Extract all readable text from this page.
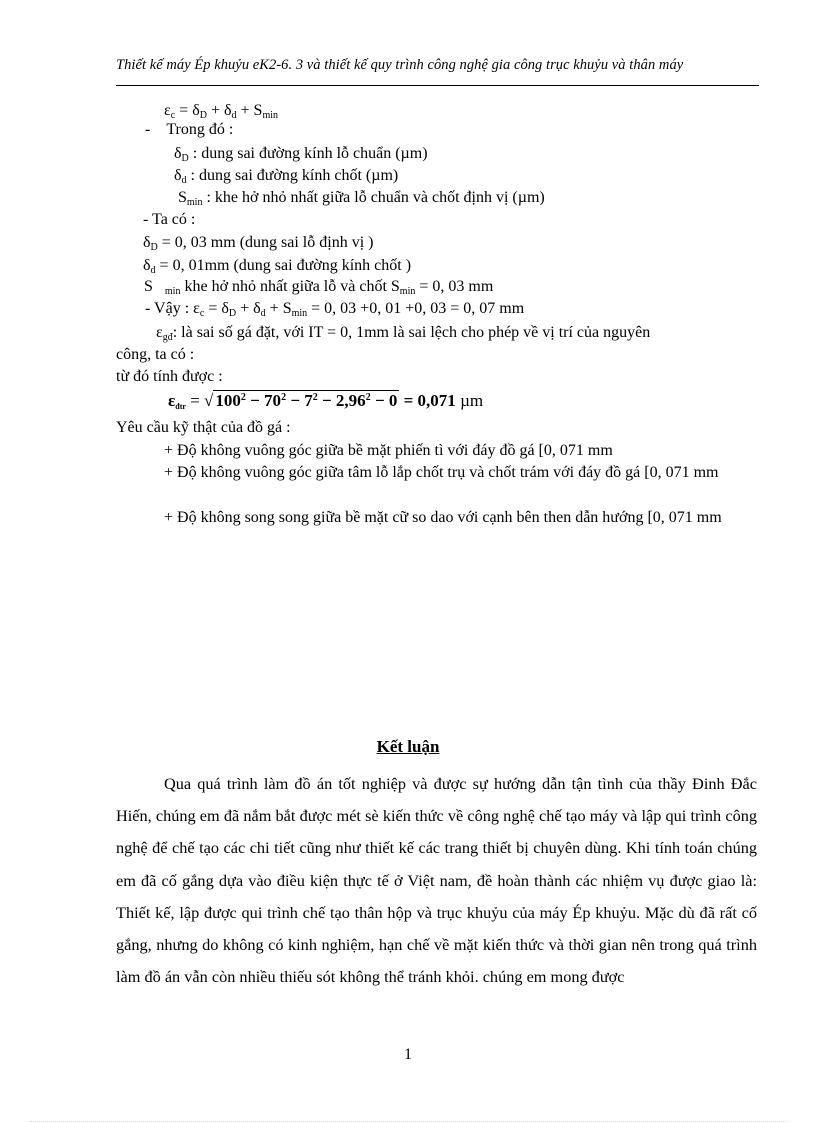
Thiết kế máy Ép khuỷu eK2-6. 3 và thiết kế quy trình công nghệ gia công trục khuỷu và thân máy
$\varepsilon_c = \delta_D + \delta_d + S_{min}$
-    Trong đó :
$\delta_D$ : dung sai đường kính lỗ chuẩn (µm)
$\delta_d$ : dung sai đường kính chốt (µm)
$S_{min}$ : khe hở nhỏ nhất giữa lỗ chuẩn và chốt định vị (µm)
- Ta có :
$\delta_D = 0$, 03 mm (dung sai lỗ định vị )
$\delta_d = 0$, 01mm (dung sai đường kính chốt )
S   $_{min}$ khe hở nhỏ nhất giữa lỗ và chốt $S_{min} = 0$, 03 mm
- Vậy : $\varepsilon_c = \delta_D + \delta_d + S_{min} = 0$, 03 +0, 01 +0, 03 = 0, 07 mm
$\varepsilon_{gđ}$: là sai số gá đặt, với IT = 0, 1mm là sai lệch cho phép về vị trí của nguyên
công, ta có :
từ đó tính được :
$\varepsilon_{đtr}$ = √ $100^2 - 70^2 - 7^2 - 2,96^2 - 0 = 0,071$ µm
Yêu cầu kỹ thật của đồ gá :
+ Độ không vuông góc giữa bề mặt phiến tì với đáy đồ gá [0, 071 mm
+ Độ không vuông góc giữa tâm lỗ lắp chốt trụ và chốt trám với đáy đồ gá [0, 071 mm
+ Độ không song song giữa bề mặt cữ so dao với cạnh bên then dẫn hướng [0, 071 mm
Kết luận

Qua quá trình làm đồ án tốt nghiệp và được sự hướng dẫn tận tình của thầy Đinh Đắc Hiến, chúng em đã nắm bắt được mét sè kiến thức về công nghệ chế tạo máy và lập qui trình công nghệ để chế tạo các chi tiết cũng như thiết kế các trang thiết bị chuyên dùng. Khi tính toán chúng em đã cố gắng dựa vào điều kiện thực tế ở Việt nam, đề hoàn thành các nhiệm vụ được giao là: Thiết kế, lập được qui trình chế tạo thân hộp và trục khuỷu của máy Ép khuỷu. Mặc dù đã rất cố gắng, nhưng do không có kinh nghiệm, hạn chế về mặt kiến thức và thời gian nên trong quá trình làm đồ án vẫn còn nhiều thiếu sót không thể tránh khỏi. chúng em mong được

1
